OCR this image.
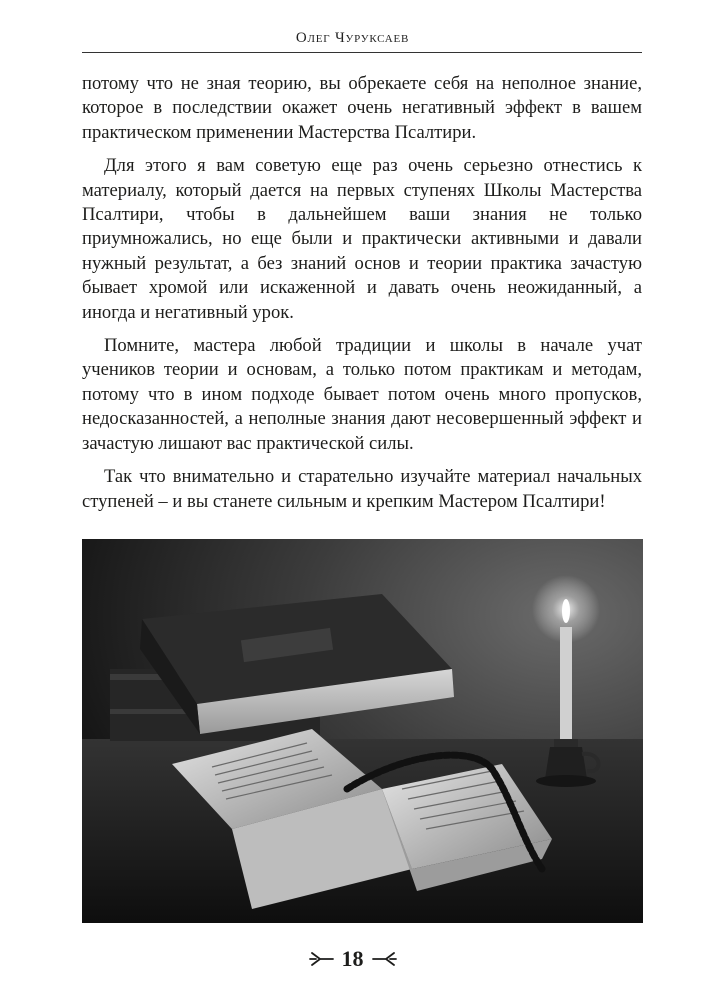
Олег Чуруксаев

потому что не зная теорию, вы обрекаете себя на неполное знание, которое в последствии окажет очень негативный эффект в вашем практическом применении Мастерства Псалтири.

Для этого я вам советую еще раз очень серьезно отнестись к материалу, который дается на первых ступенях Школы Мастерства Псалтири, чтобы в дальнейшем ваши знания не только приумножались, но еще были и практически активными и давали нужный результат, а без знаний основ и теории практика зачастую бывает хромой или искаженной и давать очень неожиданный, а иногда и негативный урок.

Помните, мастера любой традиции и школы в начале учат учеников теории и основам, а только потом практикам и методам, потому что в ином подходе бывает потом очень много пропусков, недосказанностей, а неполные знания дают несовершенный эффект и зачастую лишают вас практической силы.

Так что внимательно и старательно изучайте материал начальных ступеней – и вы станете сильным и крепким Мастером Псалтири!

18
